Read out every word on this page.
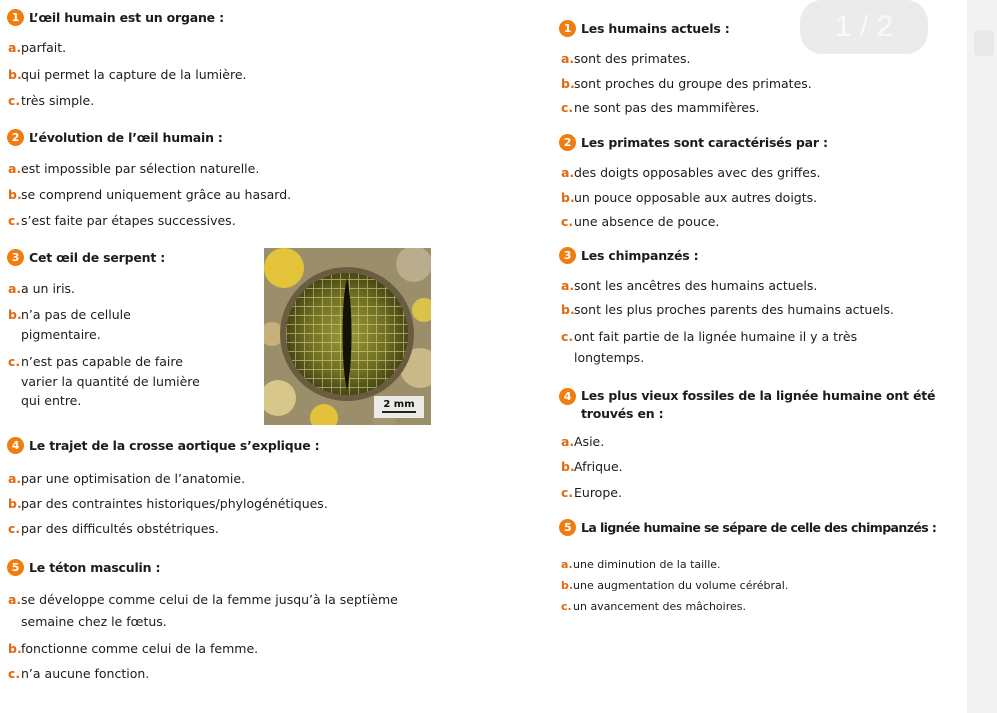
1 / 2
1 L’œil humain est un organe :
a. parfait.
b. qui permet la capture de la lumière.
c. très simple.
2 L’évolution de l’œil humain :
a. est impossible par sélection naturelle.
b. se comprend uniquement grâce au hasard.
c. s’est faite par étapes successives.
3 Cet œil de serpent :
a. a un iris.
b. n’a pas de cellule pigmentaire.
c. n’est pas capable de faire varier la quantité de lumière qui entre.	2 mm
4 Le trajet de la crosse aortique s’explique :
a. par une optimisation de l’anatomie.
b. par des contraintes historiques/phylogénétiques.
c. par des difficultés obstétriques.
5 Le téton masculin :
a. se développe comme celui de la femme jusqu’à la septième semaine chez le fœtus.
b. fonctionne comme celui de la femme.
c. n’a aucune fonction.
1 Les humains actuels :
a. sont des primates.
b. sont proches du groupe des primates.
c. ne sont pas des mammifères.
2 Les primates sont caractérisés par :
a. des doigts opposables avec des griffes.
b. un pouce opposable aux autres doigts.
c. une absence de pouce.
3 Les chimpanzés :
a. sont les ancêtres des humains actuels.
b. sont les plus proches parents des humains actuels.
c. ont fait partie de la lignée humaine il y a très longtemps.
4 Les plus vieux fossiles de la lignée humaine ont été trouvés en :
a. Asie.
b. Afrique.
c. Europe.
5 La lignée humaine se sépare de celle des chimpanzés :
a. une diminution de la taille.
b. une augmentation du volume cérébral.
c. un avancement des mâchoires.
